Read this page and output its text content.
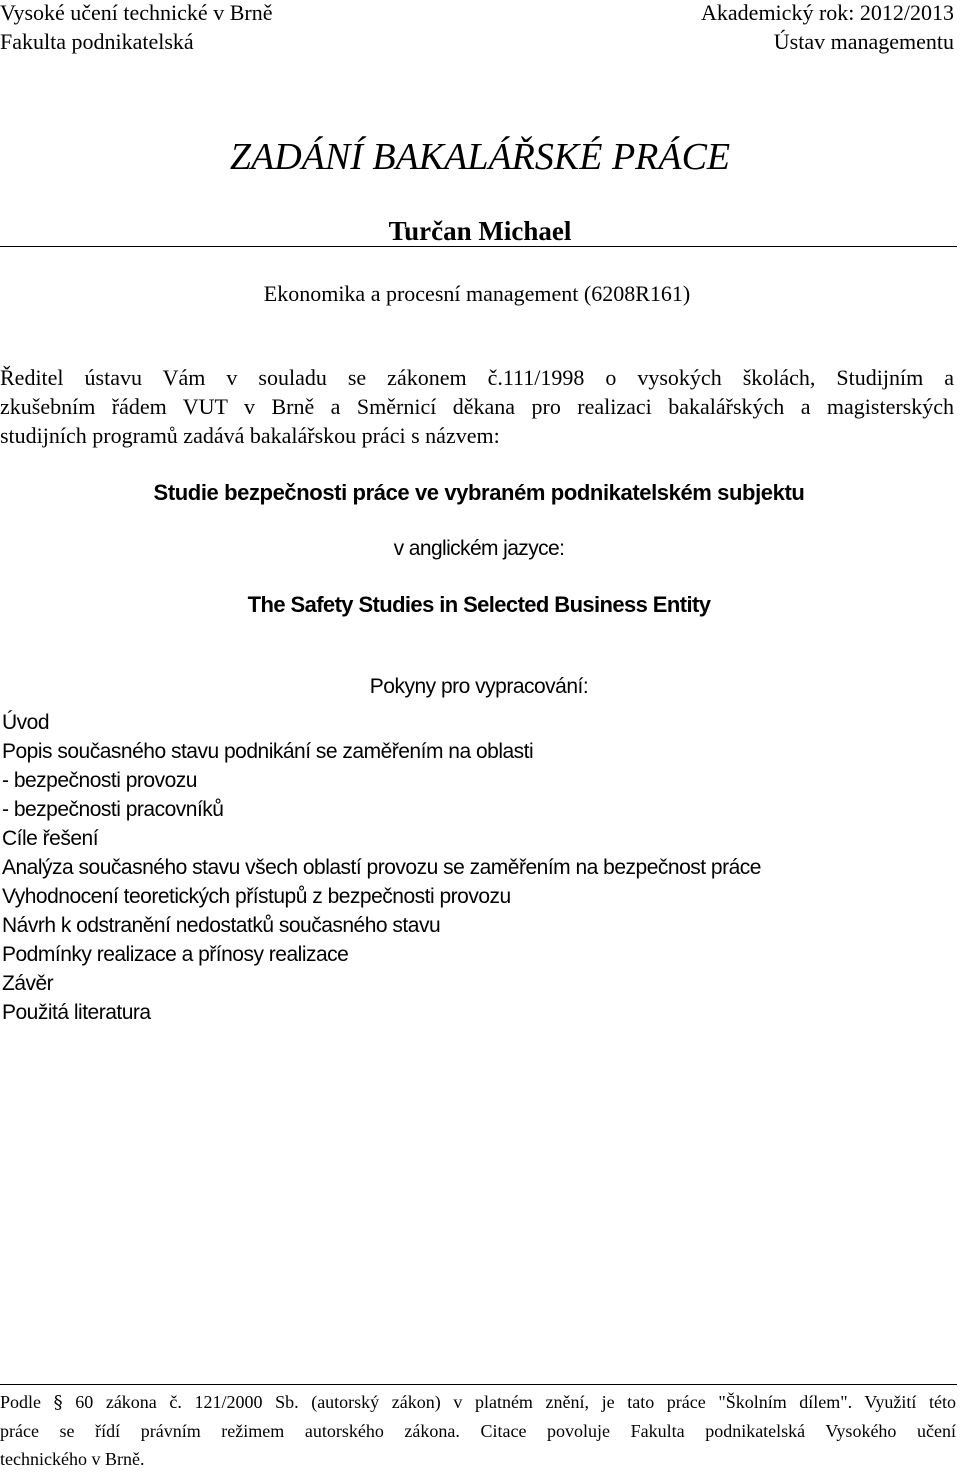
Vysoké učení technické v Brně
Fakulta podnikatelská
Akademický rok: 2012/2013
Ústav managementu
ZADÁNÍ BAKALÁŘSKÉ PRÁCE
Turčan Michael
Ekonomika a procesní management (6208R161)
Ředitel ústavu Vám v souladu se zákonem č.111/1998 o vysokých školách, Studijním a
zkušebním řádem VUT v Brně a Směrnicí děkana pro realizaci bakalářských a magisterských
studijních programů zadává bakalářskou práci s názvem:
Studie bezpečnosti práce ve vybraném podnikatelském subjektu
v anglickém jazyce:
The Safety Studies in Selected Business Entity
Pokyny pro vypracování:
Úvod
Popis současného stavu podnikání se zaměřením na oblasti
- bezpečnosti provozu
- bezpečnosti pracovníků
Cíle řešení
Analýza současného stavu všech oblastí provozu se zaměřením na bezpečnost práce
Vyhodnocení teoretických přístupů z bezpečnosti provozu
Návrh k odstranění nedostatků současného stavu
Podmínky realizace a přínosy realizace
Závěr
Použitá literatura
Podle § 60 zákona č. 121/2000 Sb. (autorský zákon) v platném znění, je tato práce "Školním dílem". Využití této
práce se řídí právním režimem autorského zákona. Citace povoluje Fakulta podnikatelská Vysokého učení
technického v Brně.
